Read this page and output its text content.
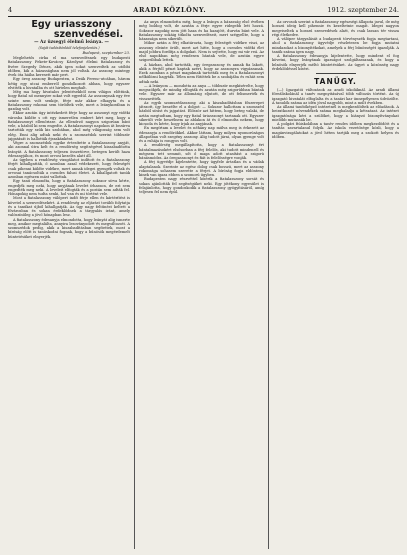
4	ARADI KÖZLÖNY.	1912. szeptember 24.

Egy uriasszony

szenvedései.

— Az üzsegyi élelmű leánya. —

(Saját tudósítónktól telefonjelentés.)
Budapest, szeptember 23.

Meglehetős cirka el ma szenvedésnek egy budapesti fiatalasszony Fekete-Kovácsy Károlyné élelmi fiatalaszony és fivére Szegedy Dénes, akik igen sokat szenvedtek az utóbbi időben, kik a házasságban nem jól voltak. Az asszony mintegy évek óta hiába keresett már pert.

Egy öreg asszony Budapesten, a Deák Ferenc-utcában, három hétig egy utcai emberről gondolkozott abban, hogy egyszer elvitték a hivatalba és ott hirtelen meghalt.

Még ma hogy hivatalos jelentésekből nem világos előttünk, hogy fiatal nő mennyire sokat volt egyedül. Az asszonynak egy éve szinte nem volt senkije, férje már akkor elhagyta és a fiatalasszony rokonai sem törődtek vele, mert a leánykorában is gazdag volt.

Ekkor azután úgy intézkedett férje hogy az asszonyt egy vidéki városba küldte s ott egy ismeretlen embert kért meg, hogy a fiatalasszonyt ellenőrizze. Az ellenőrző nagyon szigorúan bánt vele, a házból ki sem engedte. A fiatalasszonyt napokon át bezárva tartották egy szűk kis szobában, ahol még világosság sem volt elég. Enni alig adtak neki és a szomszédok szerint többször jajgatását is hallották éjszakánként.

Végre a szomszédok egyike értesítette a fiatalasszony anyját, aki azonnal útra kelt és a rendőrség segítségével kiszabadította leányát. A fiatalasszony teljesen összetörve, betegen került haza édesanyjához, és most orvosi kezelés alatt áll.

Az ügyben a rendőrség vizsgálatot indított és a fiatalasszony férjét kihallgatták, ő azonban azzal védekezett, hogy feleségét csak pihenni küldte vidékre, mert annak idegei gyengék voltak és orvosai tanácsolták a csendes falusi életet. A kihallgatott tanúk azonban egészen mást vallottak.

Egy tanú elmondta, hogy a fiatalasszony sokszor sírva kérte, engedjék meg neki, hogy anyjának levelet írhasson, de ezt sem engedték meg neki. A leveleit elfogták és a postán sem adták fel. Hónapokig nem tudta senki, hol van és mi történt vele.

Most a fiatalasszony válópert indít férje ellen és kártérítést is követel a szenvedésekért. A rendőrség az eljárást tovább folytatja és a tanúkat újból kihallgatják. Az ügy nagy feltűnést keltett a fővárosban és sokan érdeklődnek a tárgyalás iránt, amely valószínűleg a jövő hónapban lesz.

A fiatalasszony édesanyja elmondotta, hogy leányát alig ismerte meg, amikor megtalálta, annyira lesoványodott és megváltozott. A szomszédok pedig, akik a kiszabadításban segítettek, most a bíróság előtt is tanúskodni fognak, hogy a bűnösök megérdemelt büntetésüket elnyerjék.

Az anya elmondotta még, hogy a leánya a házasság első évében még boldog volt, de azután a férje egyre ridegebb lett hozzá. Sokszor napokig nem jött haza és ha hazajött, durván bánt vele. A fiatalasszony sokáig titkolta szenvedéseit, mert szégyellte, hogy a házassága nem sikerült.

Mikor aztán a férj elhatározta, hogy feleségét vidékre viszi, az asszony eleinte örült, mert azt hitte, hogy a csendes vidéki élet majd jobbra fordítja a dolgokat. Nem is sejtette, hogy mi vár reá. Az első napokban még rendesen bántak vele, de azután egyre szigorúbbak lettek.

A házban, ahol tartották, egy öregasszony és annak fia lakott, akik a férjtől pénzt kaptak azért, hogy az asszonyra vigyázzanak. Ezek azonban a pénzt maguknak tartották meg és a fiatalasszonyt nélkülözni hagyták. Télen nem fűtöttek be a szobájába és ruhát sem adtak neki.

— A leányom — mondotta az anya — többször megkísérelte, hogy megszökjék, de mindig elfogták és azután még szigorúbban bántak vele. Egyszer már az állomásig eljutott, de ott felismerték és visszavitték.

Az egyik szomszédasszony, aki a kiszabadításban főszerepet játszott, így beszélte el a dolgot: — Sokszor hallottam a szomszéd házból sírást és jajgatást. Először azt hittem, hogy beteg valaki, de aztán megtudtam, hogy egy fiatal úriasszonyt tartanak ott. Egyszer sikerült vele beszélnem az ablakon át és ő elmondta nekem, hogy kicsoda és kérte, hogy írjak az anyjának.

Én megírtam a levelet és néhány nap múlva meg is érkezett az édesanyja a rendőrökkel. Akkor láttam, hogy milyen nyomorúságos állapotban volt szegény asszony. Alig tudott járni, olyan gyenge volt és a ruhája is rongyos volt.

A rendőrség megállapította, hogy a fiatalasszonyt ért bántalmazásokért elsősorban a férj felelős, aki tudott mindenről és mégsem tett semmit, sőt ő maga adott utasítást a szigorú bánásmódra. Az öregasszonyt és fiát is felelősségre vonják.

A férj ügyvédje kijelentette, hogy ügyfele ártatlan és a vádak alaptalanok. Szerinte az egész dolog csak bosszú, mert az asszony rokonsága sohasem szerette a férjet. A bíróság fogja eldönteni, kinek van igaza ebben a szomorú ügyben.

Budapesten nagy részvéttel kísérik a fiatalasszony sorsát és sokan ajánlották fel segítségüket neki. Egy jótékony egyesület is felajánlotta, hogy gondoskodik a fiatalasszony gyógyításáról, amíg teljesen fel nem épül.

Az orvosok szerint a fiatalasszony egészségi állapota javul, de még hosszú ideig kell pihennie és kezeltetnie magát. Idegei nagyon megviseltek a hosszú szenvedések alatt, és csak lassan tér vissza régi életkedve.

A válóper tárgyalását a budapesti törvényszék fogja megtartani, ahol a fiatalasszony ügyvédje részletesen be fogja mutatni mindazokat a bizonyítékokat, amelyek a férj bűnösségét igazolják. A tanúk száma igen nagy.

A fiatalasszony édesanyja kijelentette, hogy mindent el fog követni, hogy leányának igazságot szolgáltassanak, és hogy a bűnösök elnyerjék méltó büntetésüket. Az ügyet a közönség nagy érdeklődéssel kíséri.

TANÜGY.

(—) Igazgatói változások az aradi iskoláknál. Az aradi állami főreáliskolánál a tanév megnyitásával több változás történt. Az új igazgató hivatalát elfoglalta és a tanári kar ünnepélyesen üdvözölte. A tanulók száma az idén jóval nagyobb, mint a múlt években.

Az állami tanítóképző intézetnél is megkezdődtek az előadások. A beiratkozott növendékek száma meghaladja a kétszázat. Az intézet igazgatósága kéri a szülőket, hogy a hiányzó bizonyítványokat mielőbb mutassák be.

A polgári fiúiskolában a tanév rendes időben megkezdődött és a tanítás zavartalanul folyik. Az iskola vezetősége közli, hogy a magánvizsgálatokat a jövő héten tartják meg a szokott helyen és időben.
